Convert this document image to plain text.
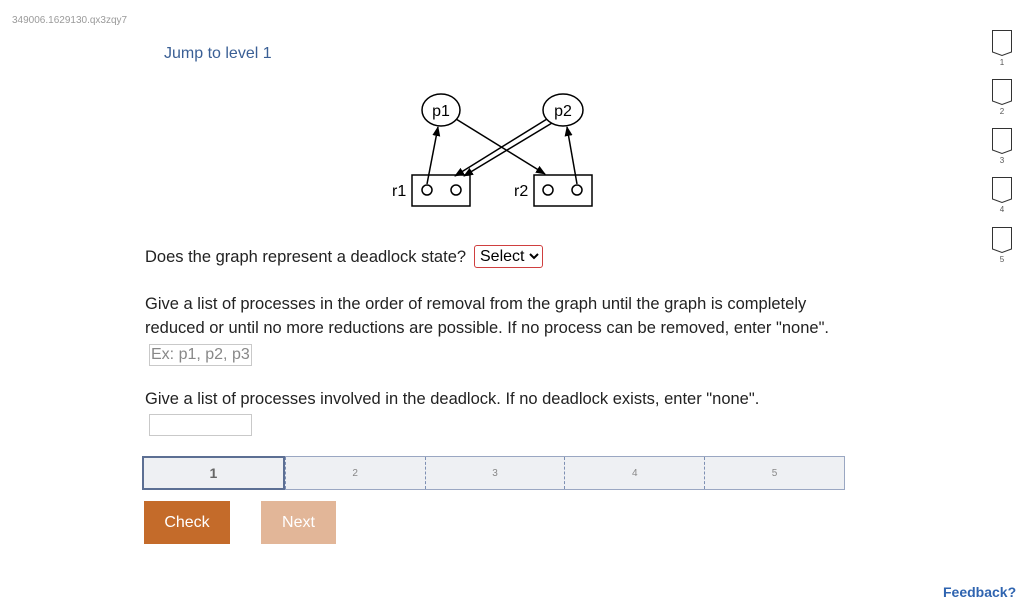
349006.1629130.qx3zqy7
Jump to level 1
p1	p2
r1	r2
Does the graph represent a deadlock state?
Select
Give a list of processes in the order of removal from the graph until the graph is completely reduced or until no more reductions are possible. If no process can be removed, enter "none".
Ex: p1, p2, p3
Give a list of processes involved in the deadlock. If no deadlock exists, enter "none".
1	2	3	4	5
Check	Next
1
2
3
4
5
Feedback?
